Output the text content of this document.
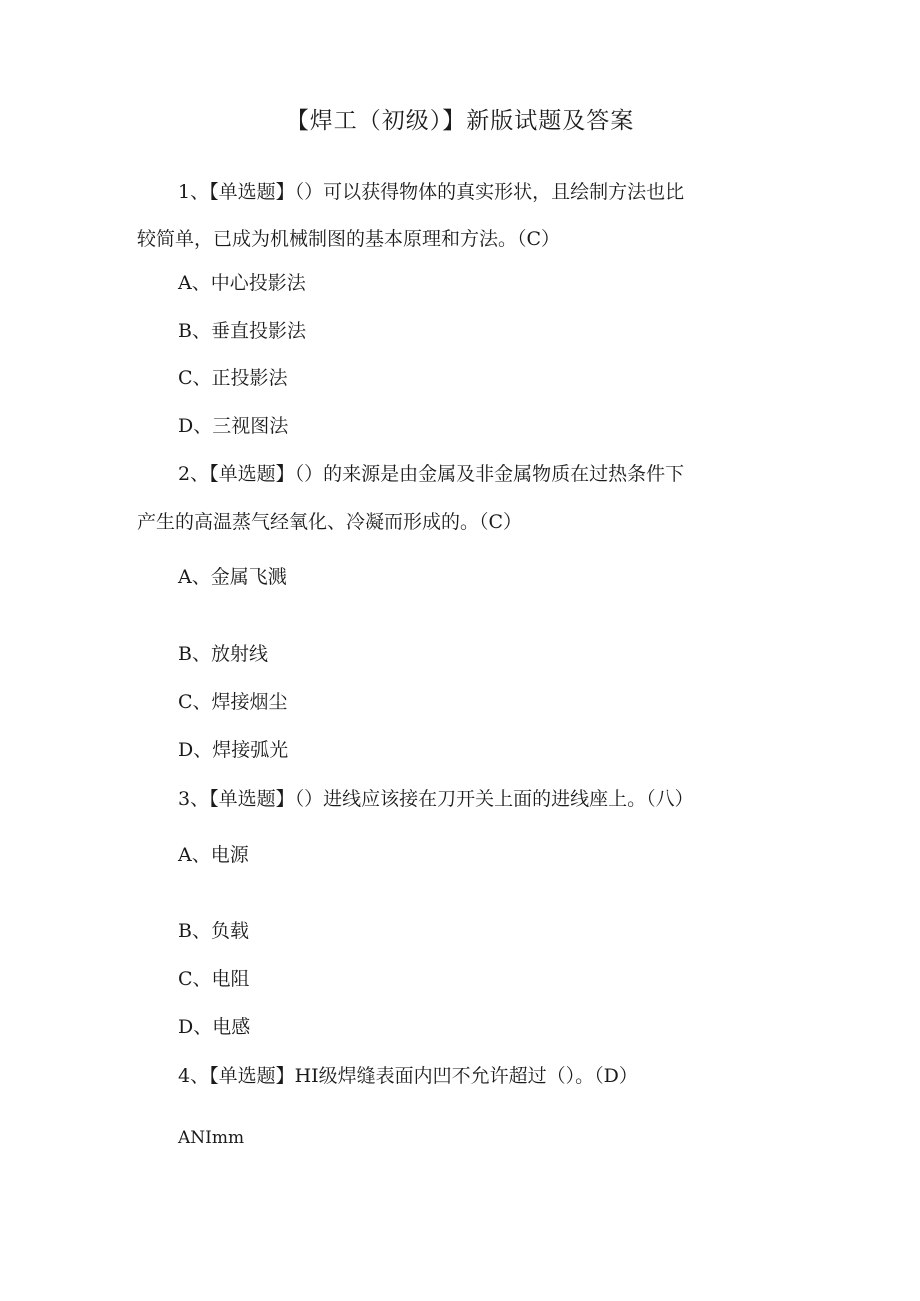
【焊工（初级）】新版试题及答案
1、【单选题】（）可以获得物体的真实形状，且绘制方法也比
较简单，已成为机械制图的基本原理和方法。（C）
A、中心投影法
B、垂直投影法
C、正投影法
D、三视图法
2、【单选题】（）的来源是由金属及非金属物质在过热条件下
产生的高温蒸气经氧化、冷凝而形成的。（C）
A、金属飞溅
B、放射线
C、焊接烟尘
D、焊接弧光
3、【单选题】（）进线应该接在刀开关上面的进线座上。（八）
A、电源
B、负载
C、电阻
D、电感
4、【单选题】HI级焊缝表面内凹不允许超过（）。（D）
ANImm
